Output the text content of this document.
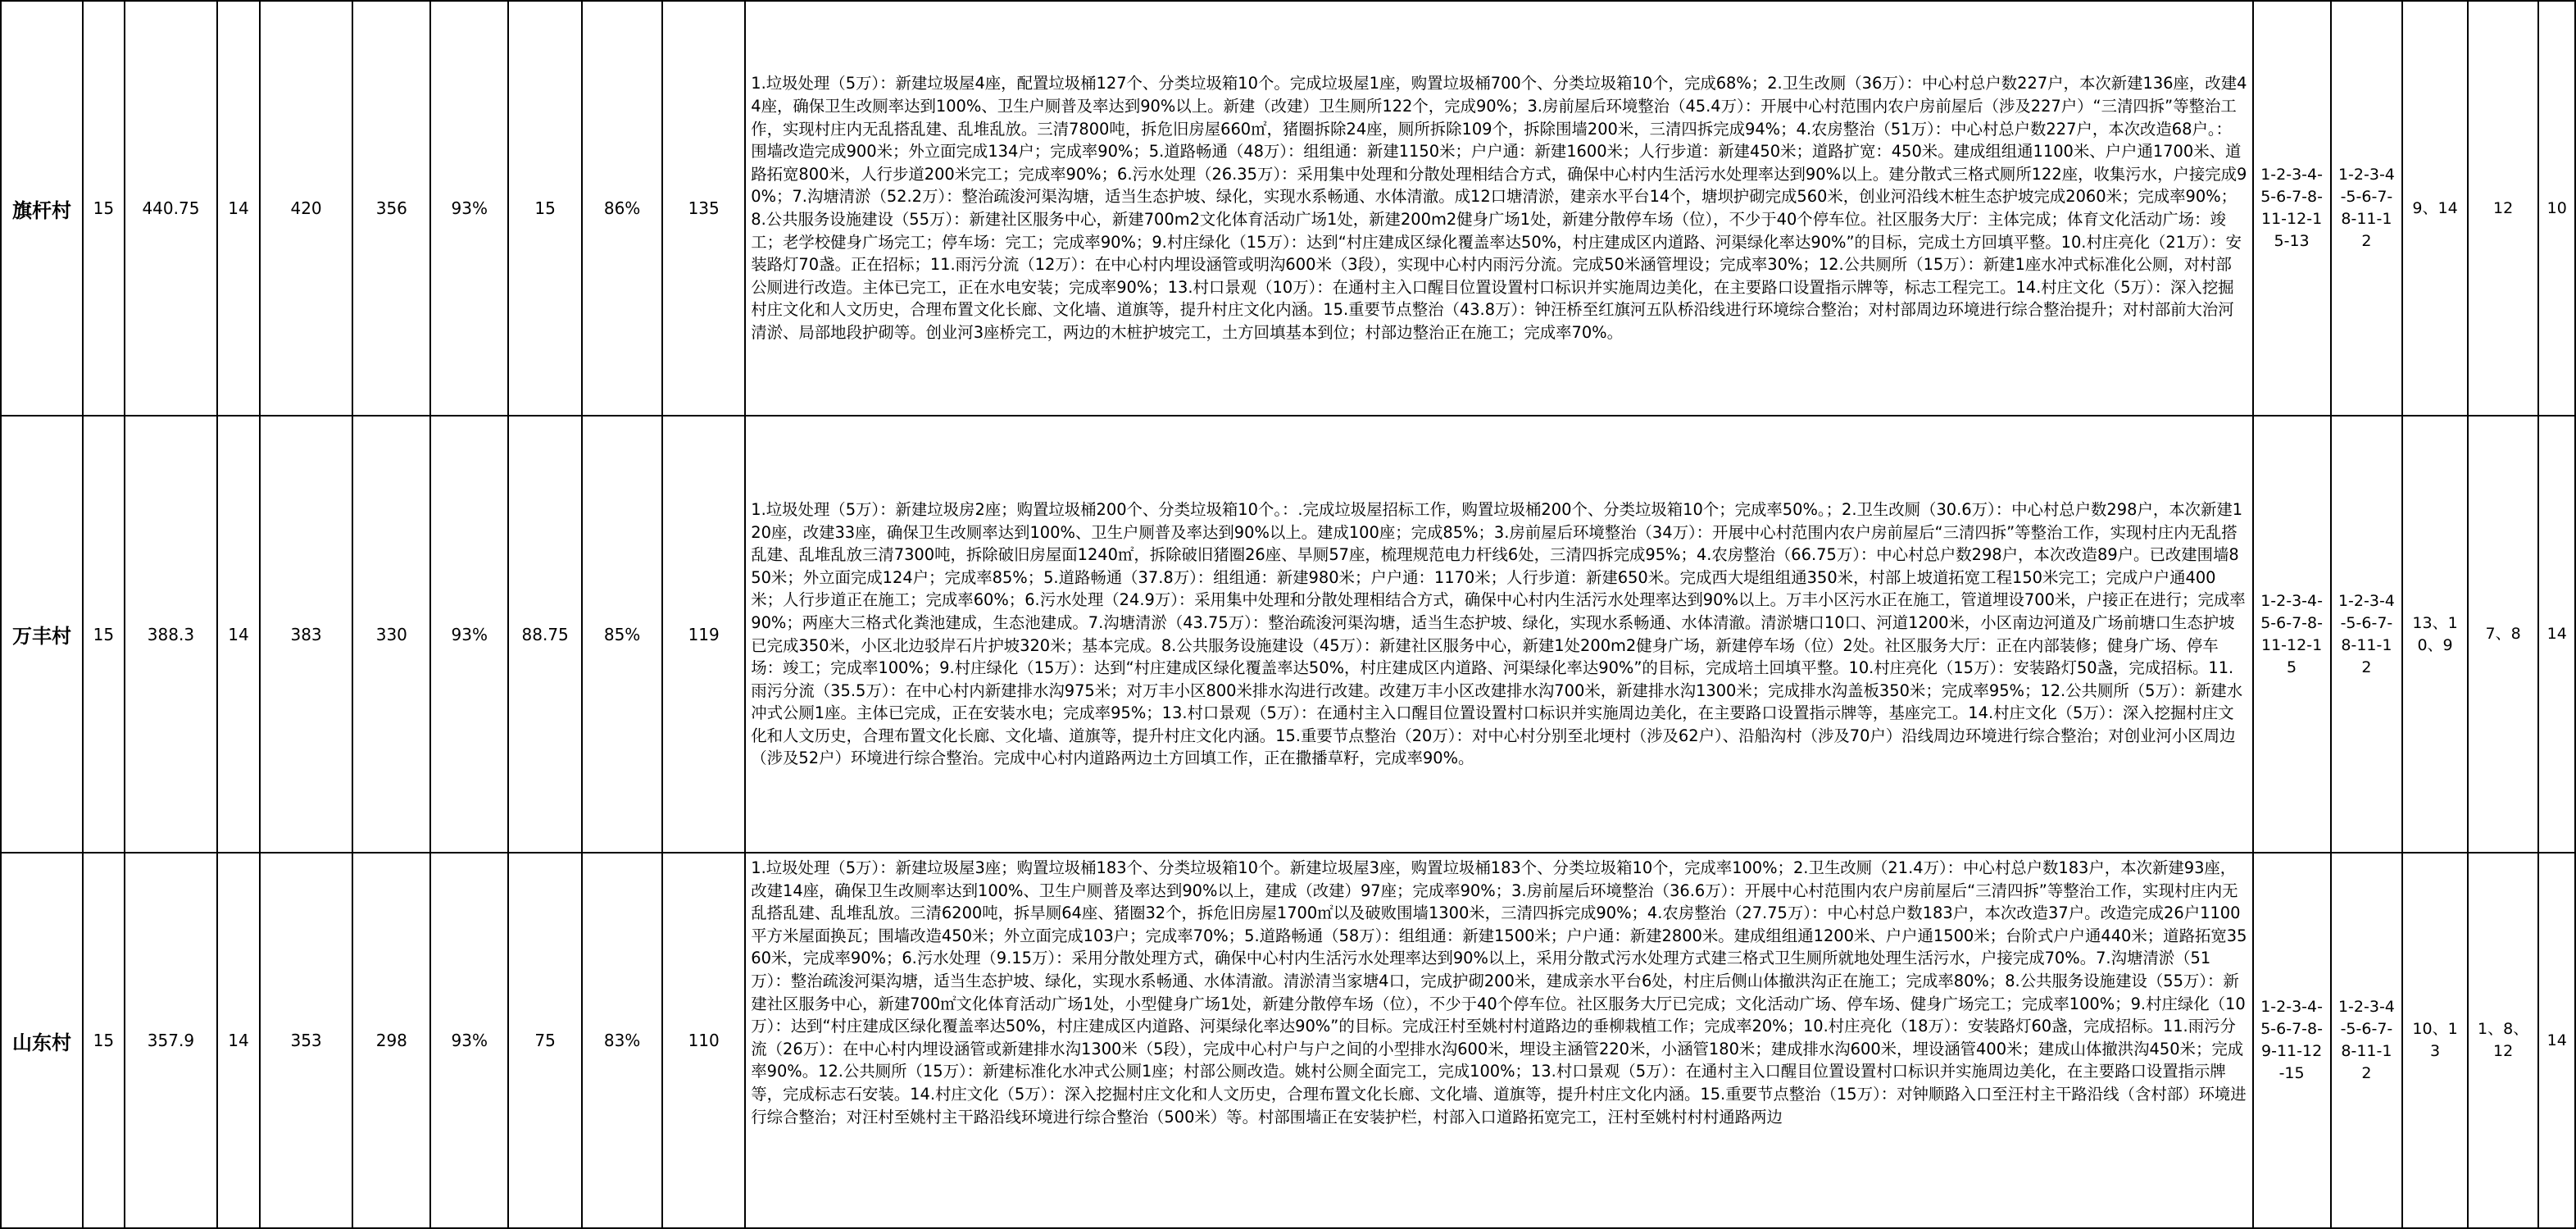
旗杆村	15	440.75	14	420	356	93%	15	86%	135	1.垃圾处理（5万）：新建垃圾屋4座，配置垃圾桶127个、分类垃圾箱10个。完成垃圾屋1座，购置垃圾桶700个、分类垃圾箱10个，完成68%；2.卫生改厕（36万）：中心村总户数227户，本次新建136座，改建44座，确保卫生改厕率达到100%、卫生户厕普及率达到90%以上。新建（改建）卫生厕所122个，完成90%；3.房前屋后环境整治（45.4万）：开展中心村范围内农户房前屋后（涉及227户）“三清四拆”等整治工作，实现村庄内无乱搭乱建、乱堆乱放。三清7800吨，拆危旧房屋660㎡，猪圈拆除24座，厕所拆除109个，拆除围墙200米，三清四拆完成94%；4.农房整治（51万）：中心村总户数227户，本次改造68户。：围墙改造完成900米；外立面完成134户；完成率90%；5.道路畅通（48万）：组组通：新建1150米；户户通：新建1600米；人行步道：新建450米；道路扩宽：450米。建成组组通1100米、户户通1700米、道路拓宽800米，人行步道200米完工；完成率90%；6.污水处理（26.35万）：采用集中处理和分散处理相结合方式，确保中心村内生活污水处理率达到90%以上。建分散式三格式厕所122座，收集污水，户接完成90%；7.沟塘清淤（52.2万）：整治疏浚河渠沟塘，适当生态护坡、绿化，实现水系畅通、水体清澈。成12口塘清淤，建亲水平台14个，塘坝护砌完成560米，创业河沿线木桩生态护坡完成2060米；完成率90%；8.公共服务设施建设（55万）：新建社区服务中心，新建700m2文化体育活动广场1处，新建200m2健身广场1处，新建分散停车场（位），不少于40个停车位。社区服务大厅：主体完成；体育文化活动广场：竣工；老学校健身广场完工；停车场：完工；完成率90%；9.村庄绿化（15万）：达到“村庄建成区绿化覆盖率达50%，村庄建成区内道路、河渠绿化率达90%”的目标，完成土方回填平整。10.村庄亮化（21万）：安装路灯70盏。正在招标；11.雨污分流（12万）：在中心村内埋设涵管或明沟600米（3段），实现中心村内雨污分流。完成50米涵管埋设；完成率30%；12.公共厕所（15万）：新建1座水冲式标准化公厕，对村部公厕进行改造。主体已完工，正在水电安装；完成率90%；13.村口景观（10万）：在通村主入口醒目位置设置村口标识并实施周边美化，在主要路口设置指示牌等，标志工程完工。14.村庄文化（5万）：深入挖掘村庄文化和人文历史，合理布置文化长廊、文化墙、道旗等，提升村庄文化内涵。15.重要节点整治（43.8万）：钟汪桥至红旗河五队桥沿线进行环境综合整治；对村部周边环境进行综合整治提升；对村部前大治河清淤、局部地段护砌等。创业河3座桥完工，两边的木桩护坡完工，土方回填基本到位；村部边整治正在施工；完成率70%。	1-2-3-4-5-6-7-8-11-12-15-13	1-2-3-4-5-6-7-8-11-12	9、14	12	10
万丰村	15	388.3	14	383	330	93%	88.75	85%	119	1.垃圾处理（5万）：新建垃圾房2座；购置垃圾桶200个、分类垃圾箱10个。：.完成垃圾屋招标工作，购置垃圾桶200个、分类垃圾箱10个；完成率50%。；2.卫生改厕（30.6万）：中心村总户数298户，本次新建120座，改建33座，确保卫生改厕率达到100%、卫生户厕普及率达到90%以上。建成100座；完成85%；3.房前屋后环境整治（34万）：开展中心村范围内农户房前屋后“三清四拆”等整治工作，实现村庄内无乱搭乱建、乱堆乱放三清7300吨，拆除破旧房屋面1240㎡，拆除破旧猪圈26座、旱厕57座，梳理规范电力杆线6处，三清四拆完成95%；4.农房整治（66.75万）：中心村总户数298户，本次改造89户。已改建围墙850米；外立面完成124户；完成率85%；5.道路畅通（37.8万）：组组通：新建980米；户户通：1170米；人行步道：新建650米。完成西大堤组组通350米，村部上坡道拓宽工程150米完工；完成户户通400米；人行步道正在施工；完成率60%；6.污水处理（24.9万）：采用集中处理和分散处理相结合方式，确保中心村内生活污水处理率达到90%以上。万丰小区污水正在施工，管道埋设700米，户接正在进行；完成率90%；两座大三格式化粪池建成，生态池建成。7.沟塘清淤（43.75万）：整治疏浚河渠沟塘，适当生态护坡、绿化，实现水系畅通、水体清澈。清淤塘口10口、河道1200米，小区南边河道及广场前塘口生态护坡已完成350米，小区北边驳岸石片护坡320米；基本完成。8.公共服务设施建设（45万）：新建社区服务中心，新建1处200m2健身广场，新建停车场（位）2处。社区服务大厅：正在内部装修；健身广场、停车场：竣工；完成率100%；9.村庄绿化（15万）：达到“村庄建成区绿化覆盖率达50%，村庄建成区内道路、河渠绿化率达90%”的目标，完成培土回填平整。10.村庄亮化（15万）：安装路灯50盏，完成招标。11.雨污分流（35.5万）：在中心村内新建排水沟975米；对万丰小区800米排水沟进行改建。改建万丰小区改建排水沟700米，新建排水沟1300米；完成排水沟盖板350米；完成率95%；12.公共厕所（5万）：新建水冲式公厕1座。主体已完成，正在安装水电；完成率95%；13.村口景观（5万）：在通村主入口醒目位置设置村口标识并实施周边美化，在主要路口设置指示牌等，基座完工。14.村庄文化（5万）：深入挖掘村庄文化和人文历史，合理布置文化长廊、文化墙、道旗等，提升村庄文化内涵。15.重要节点整治（20万）：对中心村分别至北埂村（涉及62户）、沿船沟村（涉及70户）沿线周边环境进行综合整治；对创业河小区周边（涉及52户）环境进行综合整治。完成中心村内道路两边土方回填工作，正在撒播草籽，完成率90%。	1-2-3-4-5-6-7-8-11-12-15	1-2-3-4-5-6-7-8-11-12	13、10、9	7、8	14
山东村	15	357.9	14	353	298	93%	75	83%	110	1.垃圾处理（5万）：新建垃圾屋3座；购置垃圾桶183个、分类垃圾箱10个。新建垃圾屋3座，购置垃圾桶183个、分类垃圾箱10个，完成率100%；2.卫生改厕（21.4万）：中心村总户数183户，本次新建93座，改建14座，确保卫生改厕率达到100%、卫生户厕普及率达到90%以上，建成（改建）97座；完成率90%；3.房前屋后环境整治（36.6万）：开展中心村范围内农户房前屋后“三清四拆”等整治工作，实现村庄内无乱搭乱建、乱堆乱放。三清6200吨，拆旱厕64座、猪圈32个，拆危旧房屋1700㎡以及破败围墙1300米，三清四拆完成90%；4.农房整治（27.75万）：中心村总户数183户，本次改造37户。改造完成26户1100平方米屋面换瓦；围墙改造450米；外立面完成103户；完成率70%；5.道路畅通（58万）：组组通：新建1500米；户户通：新建2800米。建成组组通1200米、户户通1500米；台阶式户户通440米；道路拓宽3560米，完成率90%；6.污水处理（9.15万）：采用分散处理方式，确保中心村内生活污水处理率达到90%以上，采用分散式污水处理方式建三格式卫生厕所就地处理生活污水，户接完成70%。7.沟塘清淤（51万）：整治疏浚河渠沟塘，适当生态护坡、绿化，实现水系畅通、水体清澈。清淤清当家塘4口，完成护砌200米，建成亲水平台6处，村庄后侧山体撤洪沟正在施工；完成率80%；8.公共服务设施建设（55万）：新建社区服务中心，新建700㎡文化体育活动广场1处，小型健身广场1处，新建分散停车场（位），不少于40个停车位。社区服务大厅已完成；文化活动广场、停车场、健身广场完工；完成率100%；9.村庄绿化（10万）：达到“村庄建成区绿化覆盖率达50%，村庄建成区内道路、河渠绿化率达90%”的目标。完成汪村至姚村村道路边的垂柳栽植工作；完成率20%；10.村庄亮化（18万）：安装路灯60盏，完成招标。11.雨污分流（26万）：在中心村内埋设涵管或新建排水沟1300米（5段），完成中心村户与户之间的小型排水沟600米，埋设主涵管220米，小涵管180米；建成排水沟600米，埋设涵管400米；建成山体撤洪沟450米；完成率90%。12.公共厕所（15万）：新建标准化水冲式公厕1座；村部公厕改造。姚村公厕全面完工，完成100%；13.村口景观（5万）：在通村主入口醒目位置设置村口标识并实施周边美化，在主要路口设置指示牌等，完成标志石安装。14.村庄文化（5万）：深入挖掘村庄文化和人文历史，合理布置文化长廊、文化墙、道旗等，提升村庄文化内涵。15.重要节点整治（15万）：对钟顺路入口至汪村主干路沿线（含村部）环境进行综合整治；对汪村至姚村主干路沿线环境进行综合整治（500米）等。村部围墙正在安装护栏，村部入口道路拓宽完工，汪村至姚村村村通路两边	1-2-3-4-5-6-7-8-9-11-12-15	1-2-3-4-5-6-7-8-11-12	10、13	1、8、12	14
